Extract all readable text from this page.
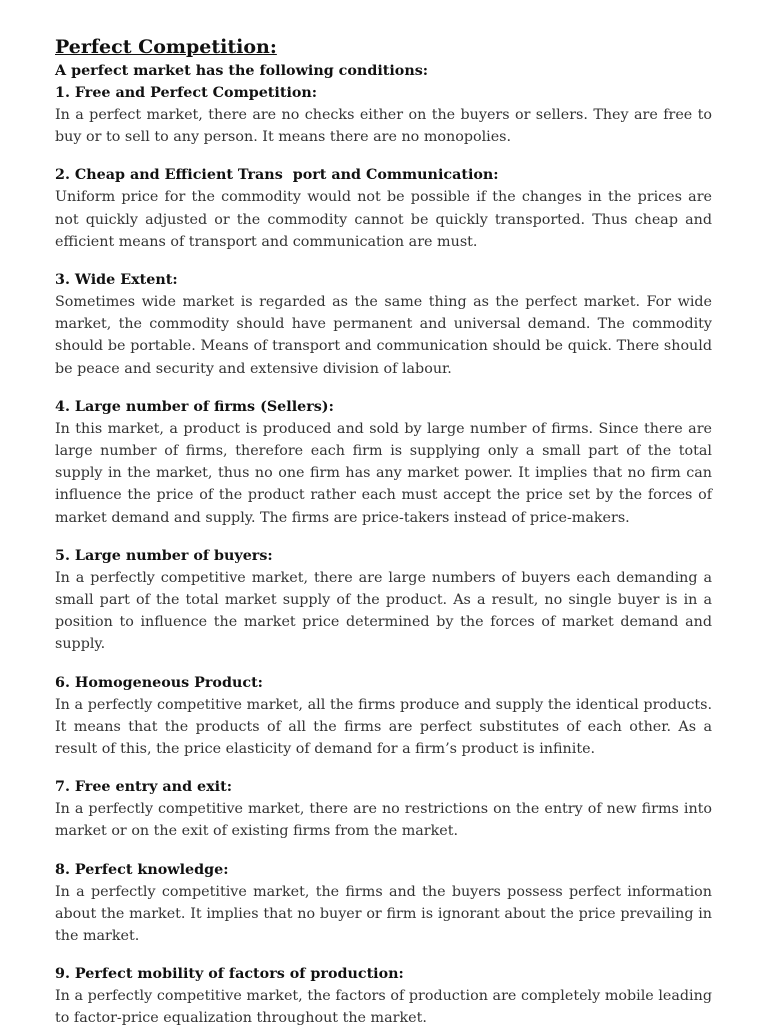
Perfect Competition:

A perfect market has the following conditions:

1. Free and Perfect Competition:

In a perfect market, there are no checks either on the buyers or sellers. They are free to buy or to sell to any person. It means there are no monopolies.

2. Cheap and Efficient Trans  port and Communication:

Uniform price for the commodity would not be possible if the changes in the prices are not quickly adjusted or the commodity cannot be quickly transported. Thus cheap and efficient means of transport and communication are must.

3. Wide Extent:

Sometimes wide market is regarded as the same thing as the perfect market. For wide market, the commodity should have permanent and universal demand. The commodity should be portable. Means of transport and communication should be quick. There should be peace and security and extensive division of labour.

4. Large number of firms (Sellers):

In this market, a product is produced and sold by large number of firms. Since there are large number of firms, therefore each firm is supplying only a small part of the total supply in the market, thus no one firm has any market power. It implies that no firm can influence the price of the product rather each must accept the price set by the forces of market demand and supply. The firms are price-takers instead of price-makers.

5. Large number of buyers:

In a perfectly competitive market, there are large numbers of buyers each demanding a small part of the total market supply of the product. As a result, no single buyer is in a position to influence the market price determined by the forces of market demand and supply.

6. Homogeneous Product:

In a perfectly competitive market, all the firms produce and supply the identical products. It means that the products of all the firms are perfect substitutes of each other. As a result of this, the price elasticity of demand for a firm’s product is infinite.

7. Free entry and exit:

In a perfectly competitive market, there are no restrictions on the entry of new firms into market or on the exit of existing firms from the market.

8. Perfect knowledge:

In a perfectly competitive market, the firms and the buyers possess perfect information about the market. It implies that no buyer or firm is ignorant about the price prevailing in the market.

9. Perfect mobility of factors of production:

In a perfectly competitive market, the factors of production are completely mobile leading to factor-price equalization throughout the market.
